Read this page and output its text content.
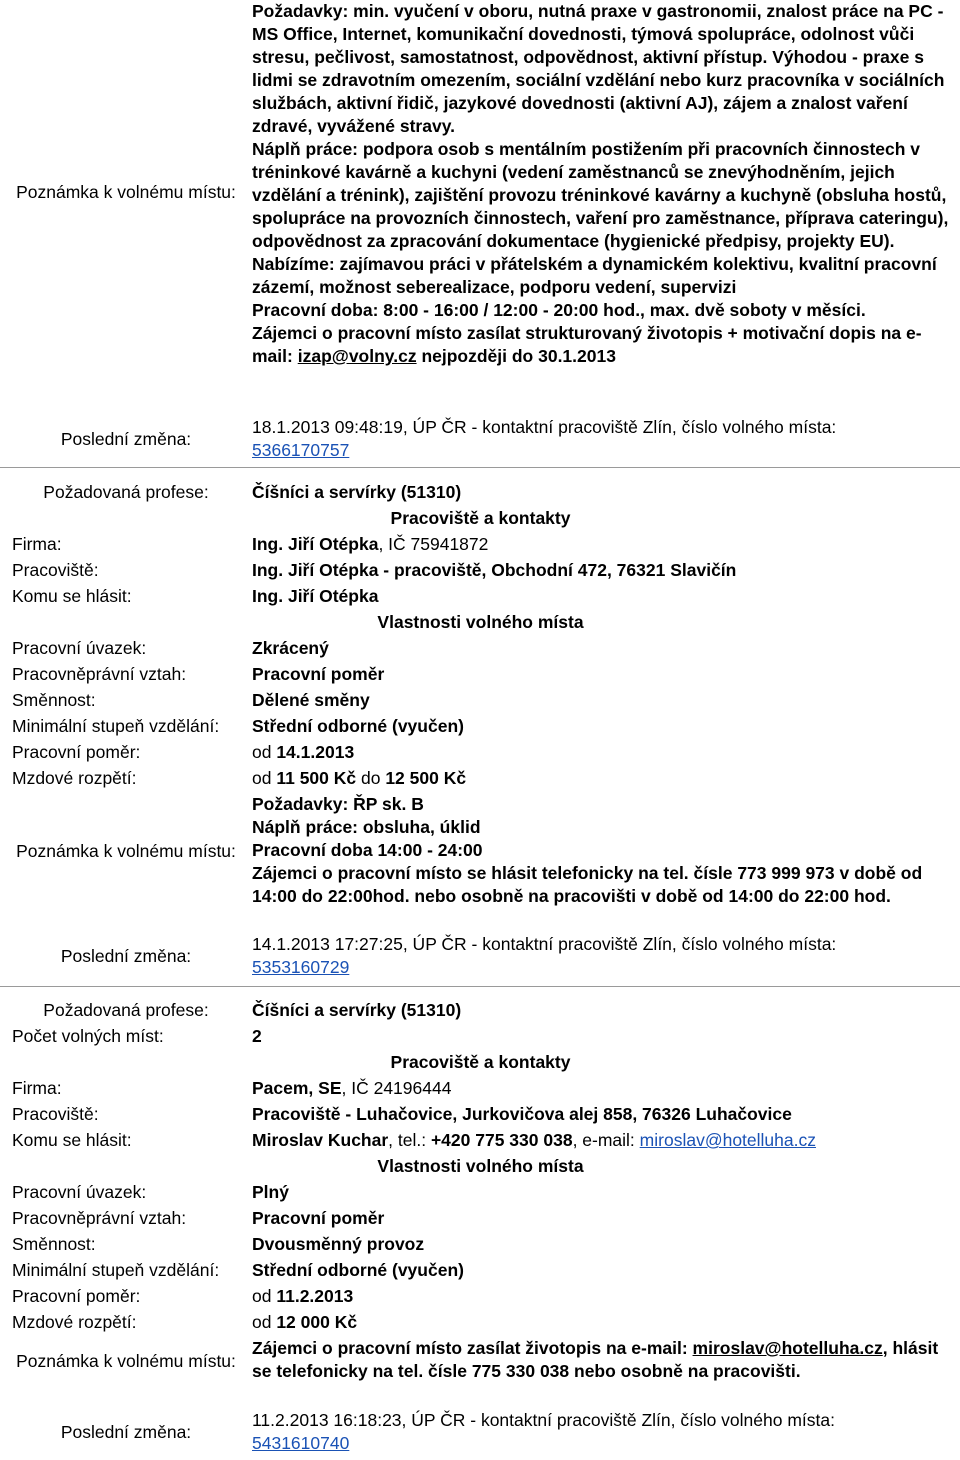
Poznámka k volnému místu:

Požadavky: min. vyučení v oboru, nutná praxe v gastronomii, znalost práce na PC - MS Office, Internet, komunikační dovednosti, týmová spolupráce, odolnost vůči stresu, pečlivost, samostatnost, odpovědnost, aktivní přístup. Výhodou - praxe s lidmi se zdravotním omezením, sociální vzdělání nebo kurz pracovníka v sociálních službách, aktivní řidič, jazykové dovednosti (aktivní AJ), zájem a znalost vaření zdravé, vyvážené stravy.

Náplň práce: podpora osob s mentálním postižením při pracovních činnostech v tréninkové kavárně a kuchyni (vedení zaměstnanců se znevýhodněním, jejich vzdělání a trénink), zajištění provozu tréninkové kavárny a kuchyně (obsluha hostů, spolupráce na provozních činnostech, vaření pro zaměstnance, příprava cateringu), odpovědnost za zpracování dokumentace (hygienické předpisy, projekty EU).

Nabízíme: zajímavou práci v přátelském a dynamickém kolektivu, kvalitní pracovní zázemí, možnost seberealizace, podporu vedení, supervizi

Pracovní doba: 8:00 - 16:00 / 12:00 - 20:00 hod., max. dvě soboty v měsíci.

Zájemci o pracovní místo zasílat strukturovaný životopis + motivační dopis na e-mail: izap@volny.cz nejpozději do 30.1.2013

Poslední změna:

18.1.2013 09:48:19, ÚP ČR - kontaktní pracoviště Zlín, číslo volného místa:

5366170757

Požadovaná profese:	Číšníci a servírky (51310)
Pracoviště a kontakty
Firma:	Ing. Jiří Otépka, IČ 75941872
Pracoviště:	Ing. Jiří Otépka - pracoviště, Obchodní 472, 76321 Slavičín
Komu se hlásit:	Ing. Jiří Otépka
Vlastnosti volného místa
Pracovní úvazek:	Zkrácený
Pracovněprávní vztah:	Pracovní poměr
Směnnost:	Dělené směny
Minimální stupeň vzdělání: Střední odborné (vyučen)
Pracovní poměr:	od 14.1.2013
Mzdové rozpětí:	od 11 500 Kč do 12 500 Kč
Poznámka k volnému místu:

Požadavky: ŘP sk. B

Náplň práce: obsluha, úklid

Pracovní doba 14:00 - 24:00

Zájemci o pracovní místo se hlásit telefonicky na tel. čísle 773 999 973 v době od 14:00 do 22:00hod. nebo osobně na pracovišti v době od 14:00 do 22:00 hod.

Poslední změna:

14.1.2013 17:27:25, ÚP ČR - kontaktní pracoviště Zlín, číslo volného místa:

5353160729

Požadovaná profese:	Číšníci a servírky (51310)
Počet volných míst:	2
Pracoviště a kontakty
Firma:	Pacem, SE, IČ 24196444
Pracoviště:	Pracoviště - Luhačovice, Jurkovičova alej 858, 76326 Luhačovice
Komu se hlásit:	Miroslav Kuchar, tel.: +420 775 330 038, e-mail: miroslav@hotelluha.cz
Vlastnosti volného místa
Pracovní úvazek:	Plný
Pracovněprávní vztah:	Pracovní poměr
Směnnost:	Dvousměnný provoz
Minimální stupeň vzdělání: Střední odborné (vyučen)
Pracovní poměr:	od 11.2.2013
Mzdové rozpětí:	od 12 000 Kč
Poznámka k volnému místu:

Zájemci o pracovní místo zasílat životopis na e-mail: miroslav@hotelluha.cz, hlásit se telefonicky na tel. čísle 775 330 038 nebo osobně na pracovišti.

Poslední změna:

11.2.2013 16:18:23, ÚP ČR - kontaktní pracoviště Zlín, číslo volného místa:

5431610740
